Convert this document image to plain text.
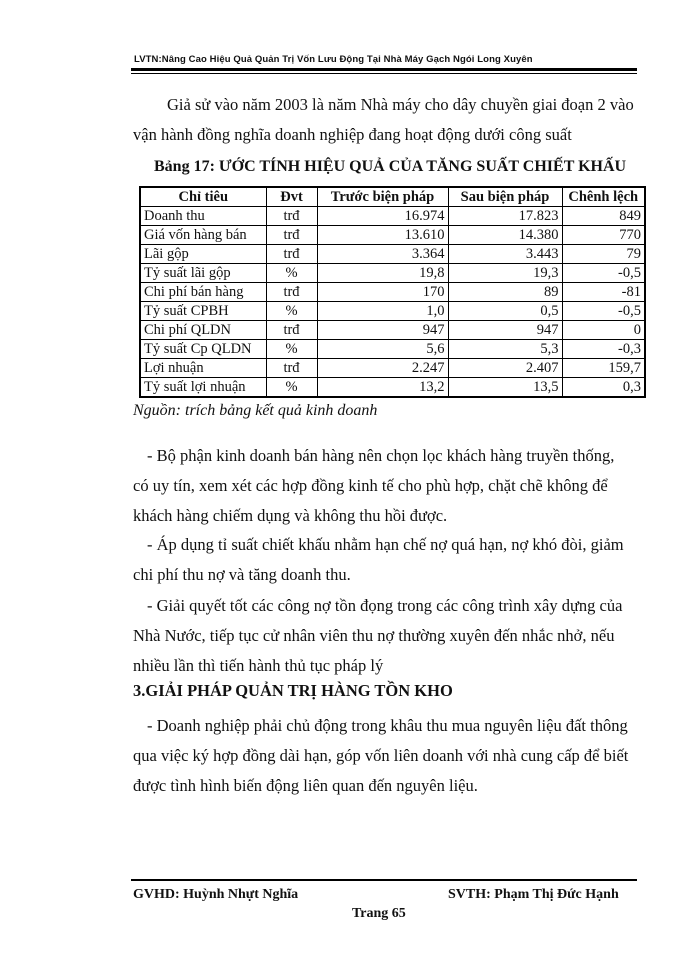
LVTN:Nâng Cao Hiệu Quả Quản Trị Vốn Lưu Động Tại Nhà Máy Gạch Ngói Long Xuyên

Giả sử vào năm 2003 là năm Nhà máy cho dây chuyền giai đoạn 2 vào

vận hành đồng nghĩa doanh nghiệp đang hoạt động dưới công suất

Bảng 17: ƯỚC TÍNH HIỆU QUẢ CỦA TĂNG SUẤT CHIẾT KHẤU
Chỉ tiêu	Đvt	Trước biện pháp	Sau biện pháp	Chênh lệch
Doanh thu	trđ	16.974	17.823	849
Giá vốn hàng bán	trđ	13.610	14.380	770
Lãi gộp	trđ	3.364	3.443	79
Tỷ suất lãi gộp	%	19,8	19,3	-0,5
Chi phí bán hàng	trđ	170	89	-81
Tỷ suất CPBH	%	1,0	0,5	-0,5
Chi phí QLDN	trđ	947	947	0
Tỷ suất Cp QLDN	%	5,6	5,3	-0,3
Lợi nhuận	trđ	2.247	2.407	159,7
Tỷ suất lợi nhuận	%	13,2	13,5	0,3
Nguồn: trích bảng kết quả kinh doanh

- Bộ phận kinh doanh bán hàng nên chọn lọc khách hàng truyền thống,

có uy tín, xem xét các hợp đồng kinh tế cho phù hợp, chặt chẽ không để

khách hàng chiếm dụng và không thu hồi được.

- Áp dụng tỉ suất chiết khấu nhằm hạn chế nợ quá hạn, nợ khó đòi, giảm

chi phí thu nợ và tăng doanh thu.

- Giải quyết tốt các công nợ tồn đọng trong các công trình xây dựng của

Nhà Nước, tiếp tục cử nhân viên thu nợ thường xuyên đến nhắc nhở, nếu

nhiều lần thì tiến hành thủ tục pháp lý

3.GIẢI PHÁP QUẢN TRỊ HÀNG TỒN KHO

- Doanh nghiệp phải chủ động trong khâu thu mua nguyên liệu đất thông

qua việc ký hợp đồng dài hạn, góp vốn liên doanh với nhà cung cấp để biết

được tình hình biến động liên quan đến nguyên liệu.

GVHD: Huỳnh Nhựt Nghĩa	SVTH: Phạm Thị Đức Hạnh
Trang 65
